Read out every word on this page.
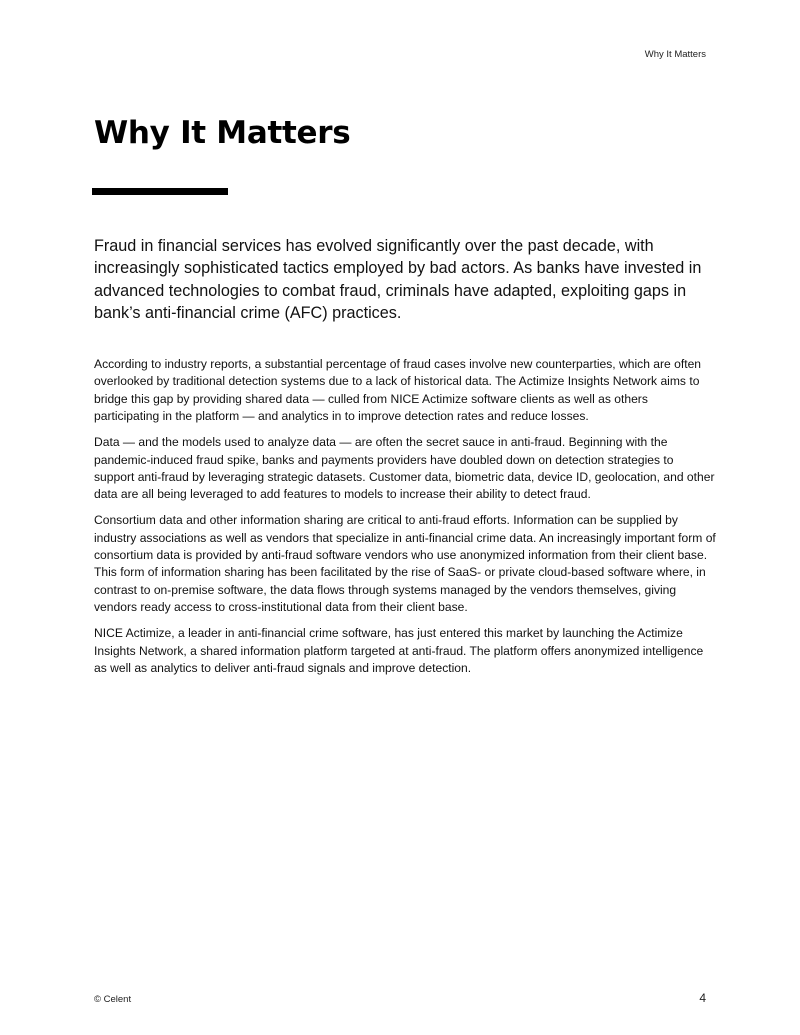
Why It Matters
Why It Matters

Fraud in financial services has evolved significantly over the past decade, with increasingly sophisticated tactics employed by bad actors. As banks have invested in advanced technologies to combat fraud, criminals have adapted, exploiting gaps in bank’s anti-financial crime (AFC) practices.

According to industry reports, a substantial percentage of fraud cases involve new counterparties, which are often overlooked by traditional detection systems due to a lack of historical data. The Actimize Insights Network aims to bridge this gap by providing shared data — culled from NICE Actimize software clients as well as others participating in the platform — and analytics in to improve detection rates and reduce losses.

Data — and the models used to analyze data — are often the secret sauce in anti-fraud. Beginning with the pandemic-induced fraud spike, banks and payments providers have doubled down on detection strategies to support anti-fraud by leveraging strategic datasets. Customer data, biometric data, device ID, geolocation, and other data are all being leveraged to add features to models to increase their ability to detect fraud.

Consortium data and other information sharing are critical to anti-fraud efforts. Information can be supplied by industry associations as well as vendors that specialize in anti-financial crime data. An increasingly important form of consortium data is provided by anti-fraud software vendors who use anonymized information from their client base. This form of information sharing has been facilitated by the rise of SaaS- or private cloud-based software where, in contrast to on-premise software, the data flows through systems managed by the vendors themselves, giving vendors ready access to cross-institutional data from their client base.

NICE Actimize, a leader in anti-financial crime software, has just entered this market by launching the Actimize Insights Network, a shared information platform targeted at anti-fraud. The platform offers anonymized intelligence as well as analytics to deliver anti-fraud signals and improve detection.

© Celent	4
